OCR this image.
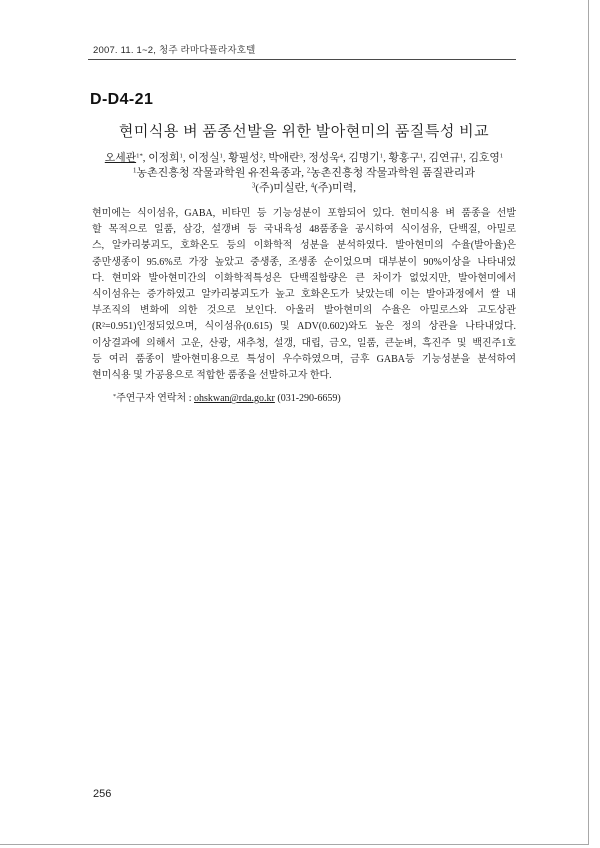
2007. 11. 1~2, 청주 라마다플라자호텔
D-D4-21
현미식용 벼 품종선발을 위한 발아현미의 품질특성 비교
오세관$^{1*}$, 이정희$^1$, 이정실$^1$, 황필성$^2$, 박애란$^3$, 정성욱$^4$, 김명기$^1$, 황홍구$^1$, 김연규$^1$, 김호영$^1$
$^1$농촌진흥청 작물과학원 유전육종과, $^2$농촌진흥청 작물과학원 품질관리과
$^3$(주)미실란, $^4$(주)미력,
현미에는 식이섬유, GABA, 비타민 등 기능성분이 포함되어 있다. 현미식용 벼 품종을 선발
할 목적으로 일품, 삼강, 설갱벼 등 국내육성 48품종을 공시하여 식이섬유, 단백질, 아밀로
스, 알카리붕괴도, 호화온도 등의 이화학적 성분을 분석하였다. 발아현미의 수율(발아율)은
중만생종이 95.6%로 가장 높았고 중생종, 조생종 순이었으며 대부분이 90%이상을 나타내었
다. 현미와 발아현미간의 이화학적특성은 단백질함량은 큰 차이가 없었지만, 발아현미에서
식이섬유는 증가하였고 알카리붕괴도가 높고 호화온도가 낮았는데 이는 발아과정에서 쌀 내
부조직의 변화에 의한 것으로 보인다. 아울러 발아현미의 수율은 아밀로스와 고도상관
(R²=0.951)인정되었으며, 식이섬유(0.615) 및 ADV(0.602)와도 높은 정의 상관을 나타내었다.
이상결과에 의해서 고운, 산광, 새추청, 설갱, 대립, 금오, 일품, 큰눈벼, 흑진주 및 백진주1호
등 여러 품종이 발아현미용으로 특성이 우수하였으며, 금후 GABA등 기능성분을 분석하여
현미식용 및 가공용으로 적합한 품종을 선발하고자 한다.
*주연구자 연락처 : ohskwan@rda.go.kr (031-290-6659)
256
